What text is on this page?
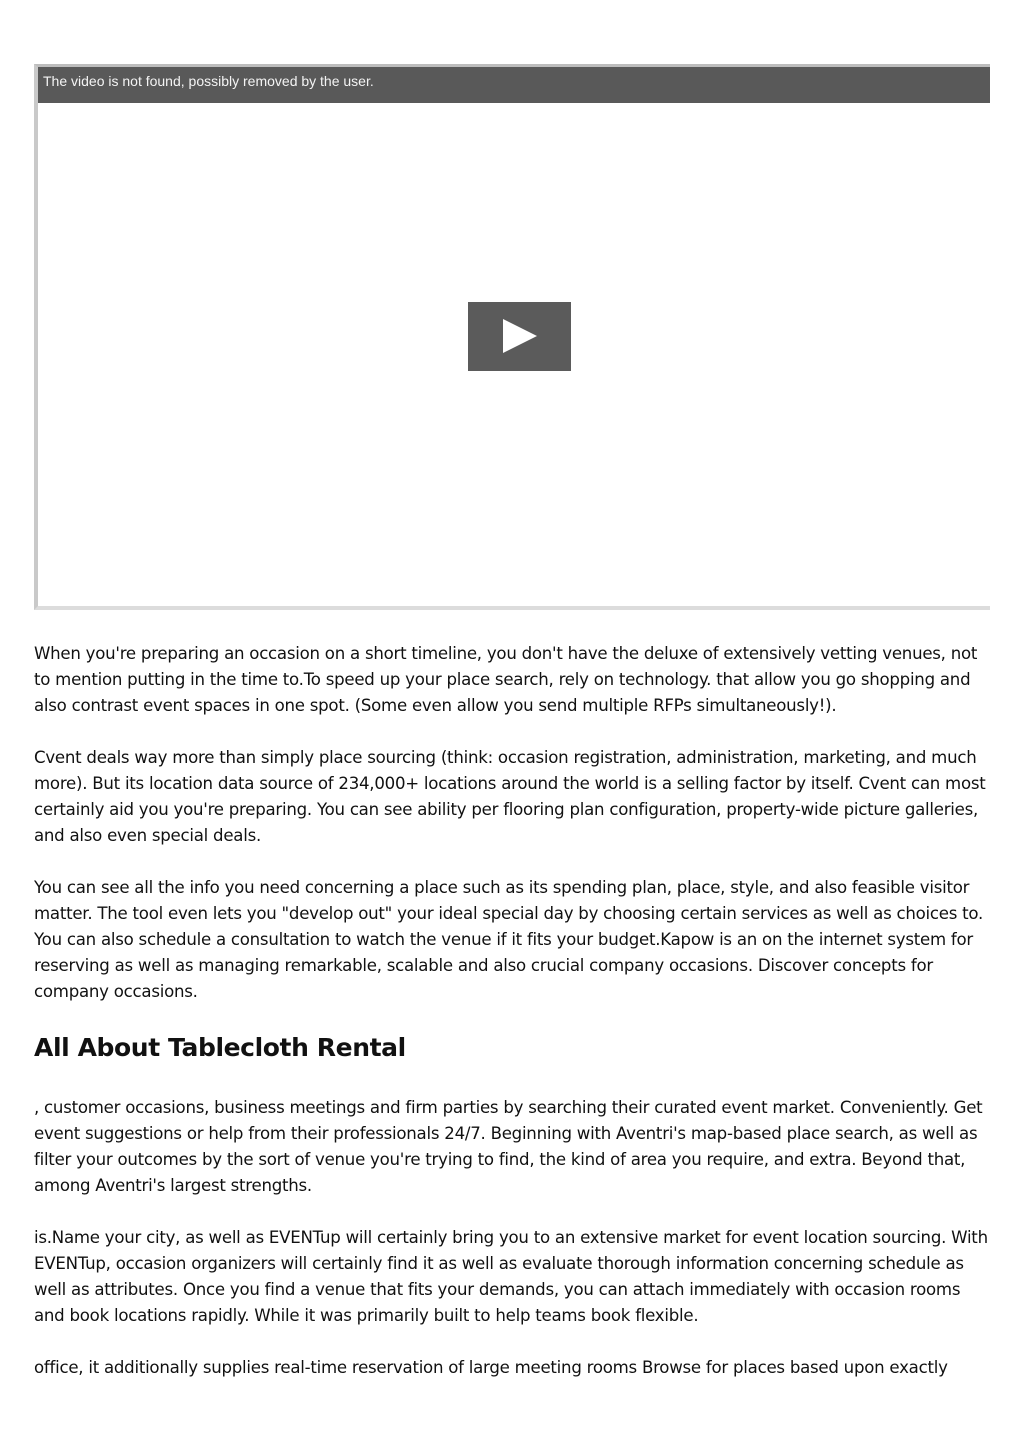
The video is not found, possibly removed by the user.

When you're preparing an occasion on a short timeline, you don't have the deluxe of extensively vetting venues, not to mention putting in the time to.To speed up your place search, rely on technology. that allow you go shopping and also contrast event spaces in one spot. (Some even allow you send multiple RFPs simultaneously!).

Cvent deals way more than simply place sourcing (think: occasion registration, administration, marketing, and much more). But its location data source of 234,000+ locations around the world is a selling factor by itself. Cvent can most certainly aid you you're preparing. You can see ability per flooring plan configuration, property-wide picture galleries, and also even special deals.

You can see all the info you need concerning a place such as its spending plan, place, style, and also feasible visitor matter. The tool even lets you "develop out" your ideal special day by choosing certain services as well as choices to. You can also schedule a consultation to watch the venue if it fits your budget.Kapow is an on the internet system for reserving as well as managing remarkable, scalable and also crucial company occasions. Discover concepts for company occasions.

All About Tablecloth Rental

, customer occasions, business meetings and firm parties by searching their curated event market. Conveniently. Get event suggestions or help from their professionals 24/7. Beginning with Aventri's map-based place search, as well as filter your outcomes by the sort of venue you're trying to find, the kind of area you require, and extra. Beyond that, among Aventri's largest strengths.

is.Name your city, as well as EVENTup will certainly bring you to an extensive market for event location sourcing. With EVENTup, occasion organizers will certainly find it as well as evaluate thorough information concerning schedule as well as attributes. Once you find a venue that fits your demands, you can attach immediately with occasion rooms and book locations rapidly. While it was primarily built to help teams book flexible.

office, it additionally supplies real-time reservation of large meeting rooms Browse for places based upon exactly
